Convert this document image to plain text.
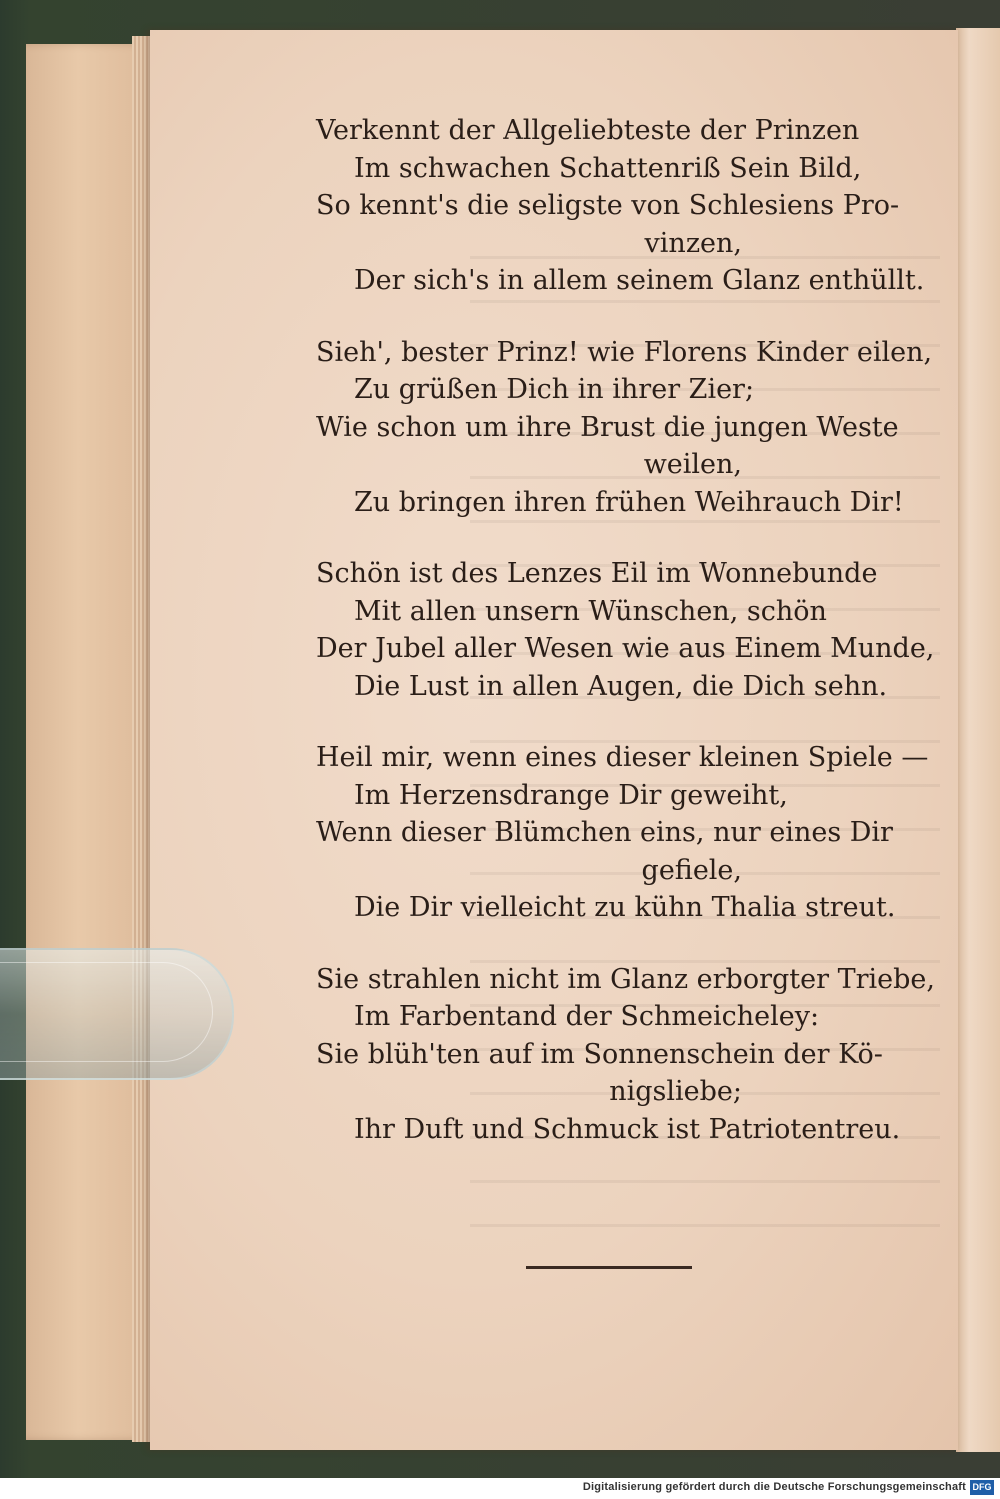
Verkennt der Allgeliebteste der Prinzen
Im schwachen Schattenriß Sein Bild,
So kennt's die seligste von Schlesiens Pro-
vinzen,
Der sich's in allem seinem Glanz enthüllt.
Sieh', bester Prinz! wie Florens Kinder eilen,
Zu grüßen Dich in ihrer Zier;
Wie schon um ihre Brust die jungen Weste
weilen,
Zu bringen ihren frühen Weihrauch Dir!
Schön ist des Lenzes Eil im Wonnebunde
Mit allen unsern Wünschen, schön
Der Jubel aller Wesen wie aus Einem Munde,
Die Lust in allen Augen, die Dich sehn.
Heil mir, wenn eines dieser kleinen Spiele —
Im Herzensdrange Dir geweiht,
Wenn dieser Blümchen eins, nur eines Dir
gefiele,
Die Dir vielleicht zu kühn Thalia streut.
Sie strahlen nicht im Glanz erborgter Triebe,
Im Farbentand der Schmeicheley:
Sie blüh'ten auf im Sonnenschein der Kö-
nigsliebe;
Ihr Duft und Schmuck ist Patriotentreu.
Digitalisierung gefördert durch die Deutsche Forschungsgemeinschaft DFG
